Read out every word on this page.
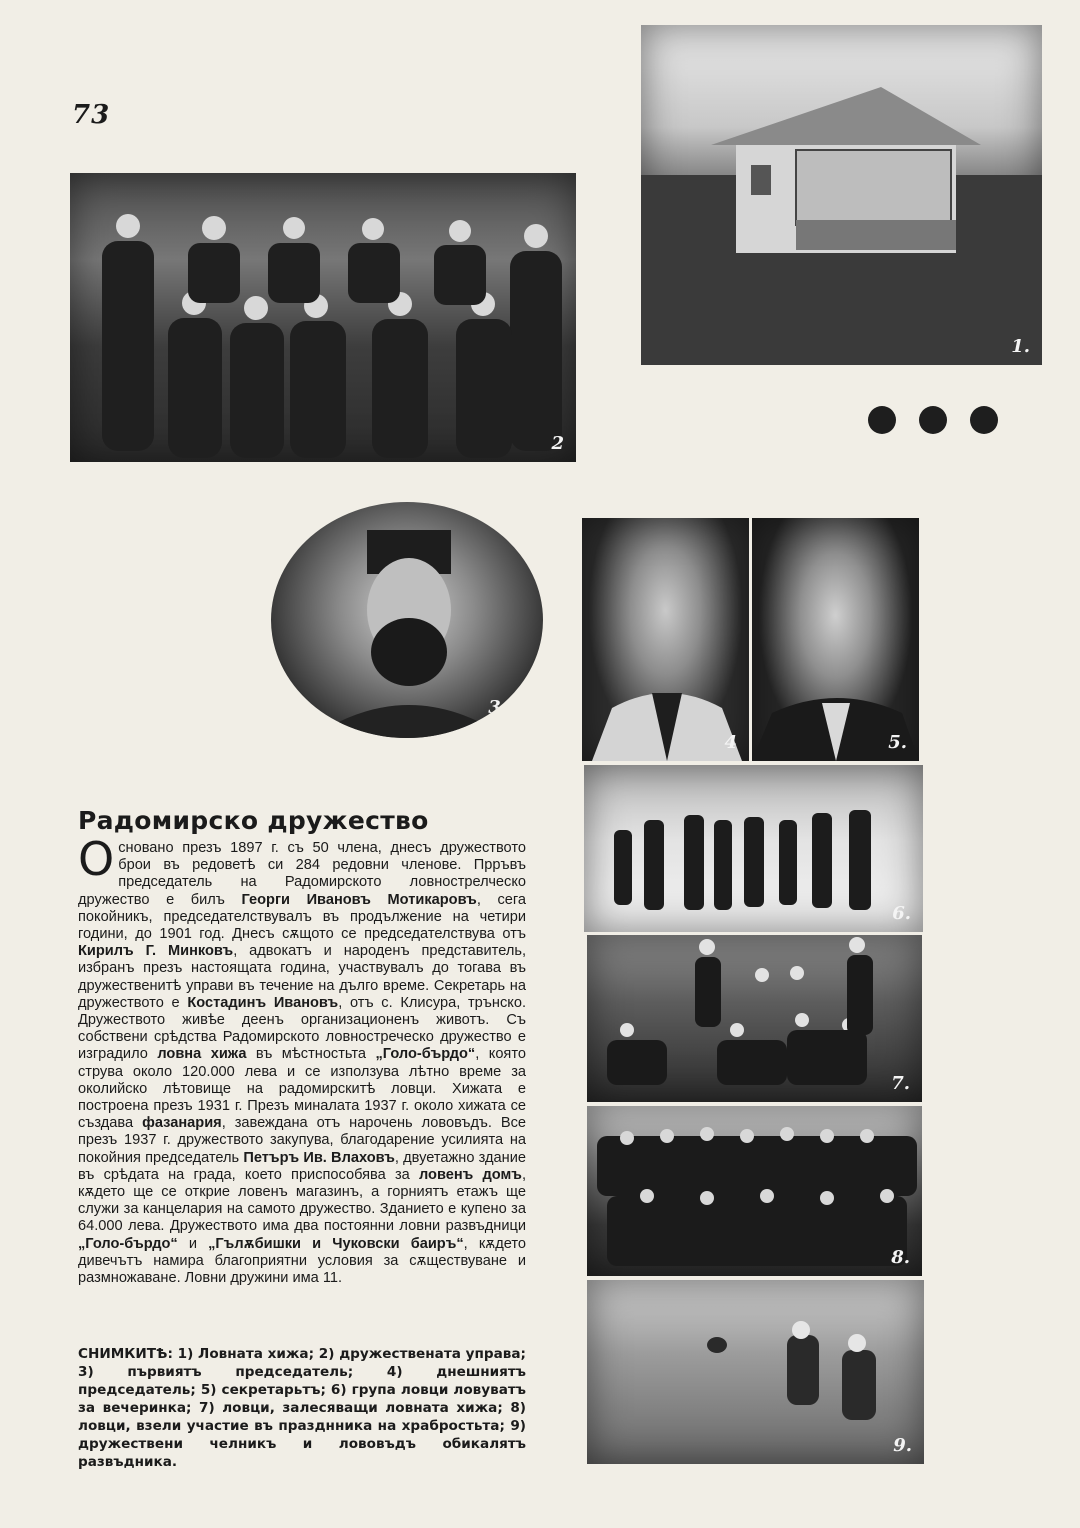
73
2
1.
3.
4	5.
6.
7.
8.
9.
Радомирско дружество

О сновано презъ 1897 г. съ 50 члена, днесъ дружеството брои въ редоветѣ си 284 редовни членове. Прръвъ председатель на Радомирското ловнострелческо дружество е билъ Георги Ивановъ Мотикаровъ, сега покойникъ, председателствувалъ въ продължение на четири години, до 1901 год. Днесъ сѫщото се председателствува отъ Кирилъ Г. Минковъ, адвокатъ и народенъ представитель, избранъ презъ настоящата година, участвувалъ до тогава въ дружественитѣ управи въ течение на дълго време. Секретарь на дружеството е Костадинъ Ивановъ, отъ с. Клисура, трънско. Дружеството живѣе деенъ организационенъ животъ. Съ собствени срѣдства Радомирското ловностреческо дружество е изградило ловна хижа въ мѣстностьта „Голо-бърдо“, която струва около 120.000 лева и се използува лѣтно време за околийско лѣтовище на радомирскитѣ ловци. Хижата е построена презъ 1931 г. Презъ миналата 1937 г. около хижата се създава фазанария, завеждана отъ нарочень лововъдъ. Все презъ 1937 г. дружеството закупува, благодарение усилията на покойния председатель Петъръ Ив. Влаховъ, двуетажно здание въ срѣдата на града, което приспособява за ловенъ домъ, кѫдето ще се открие ловенъ магазинъ, а горниятъ етажъ ще служи за канцелария на самото дружество. Зданието е купено за 64.000 лева. Дружеството има два постоянни ловни развъдници „Голо-бърдо“ и „Гълѫбишки и Чуковски баиръ“, кѫдето дивечътъ намира благоприятни условия за сѫществуване и размножаване. Ловни дружини има 11.

СНИМКИТѢ: 1) Ловната хижа; 2) дружествената управа; 3) първиятъ председатель; 4) днешниятъ председатель; 5) секретарьтъ; 6) група ловци ловуватъ за вечеринка; 7) ловци, залесяващи ловната хижа; 8) ловци, взели участие въ празднника на храбростьта; 9) дружествени челникъ и лововъдъ обикалятъ развъдника.
